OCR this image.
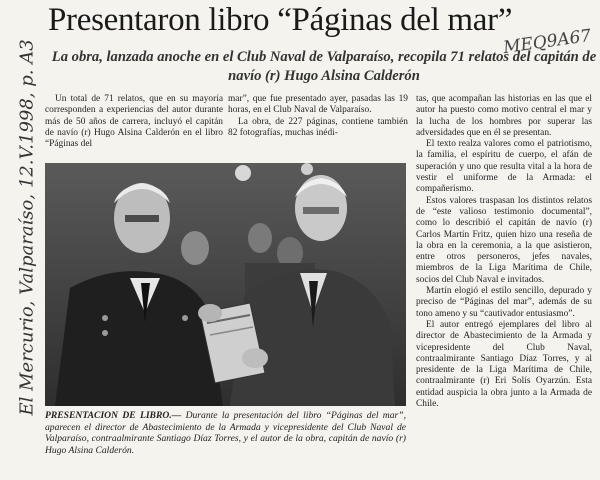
Presentaron libro “Páginas del mar”
MEQ9A67
La obra, lanzada anoche en el Club Naval de Valparaíso, recopila 71 relatos del capitán de navío (r) Hugo Alsina Calderón
El Mercurio, Valparaíso, 12.V.1998, p. A3	Un total de 71 relatos, que en su mayoría corresponden a experiencias del autor durante más de 50 años de carrera, incluyó el capitán de navío (r) Hugo Alsina Calderón en el libro “Páginas del

mar”, que fue presentado ayer, pasadas las 19 horas, en el Club Naval de Valparaíso.

La obra, de 227 páginas, contiene también 82 fotografías, muchas inédi-

tas, que acompañan las historias en las que el autor ha puesto como motivo central el mar y la lucha de los hombres por superar las adversidades que en él se presentan.

El texto realza valores como el patriotismo, la familia, el espíritu de cuerpo, el afán de superación y uno que resulta vital a la hora de vestir el uniforme de la Armada: el compañerismo.

Estos valores traspasan los distintos relatos de “este valioso testimonio documental”, como lo describió el capitán de navío (r) Carlos Martín Fritz, quien hizo una reseña de la obra en la ceremonia, a la que asistieron, entre otros personeros, jefes navales, miembros de la Liga Marítima de Chile, socios del Club Naval e invitados.

Martín elogió el estilo sencillo, depurado y preciso de “Páginas del mar”, además de su tono ameno y su “cautivador entusiasmo”.

El autor entregó ejemplares del libro al director de Abastecimiento de la Armada y vicepresidente del Club Naval, contraalmirante Santiago Díaz Torres, y al presidente de la Liga Marítima de Chile, contraalmirante (r) Eri Solís Oyarzún. Esta entidad auspicia la obra junto a la Armada de Chile.

PRESENTACION DE LIBRO.— Durante la presentación del libro “Páginas del mar”, aparecen el director de Abastecimiento de la Armada y vicepresidente del Club Naval de Valparaíso, contraalmirante Santiago Díaz Torres, y el autor de la obra, capitán de navío (r) Hugo Alsina Calderón.
